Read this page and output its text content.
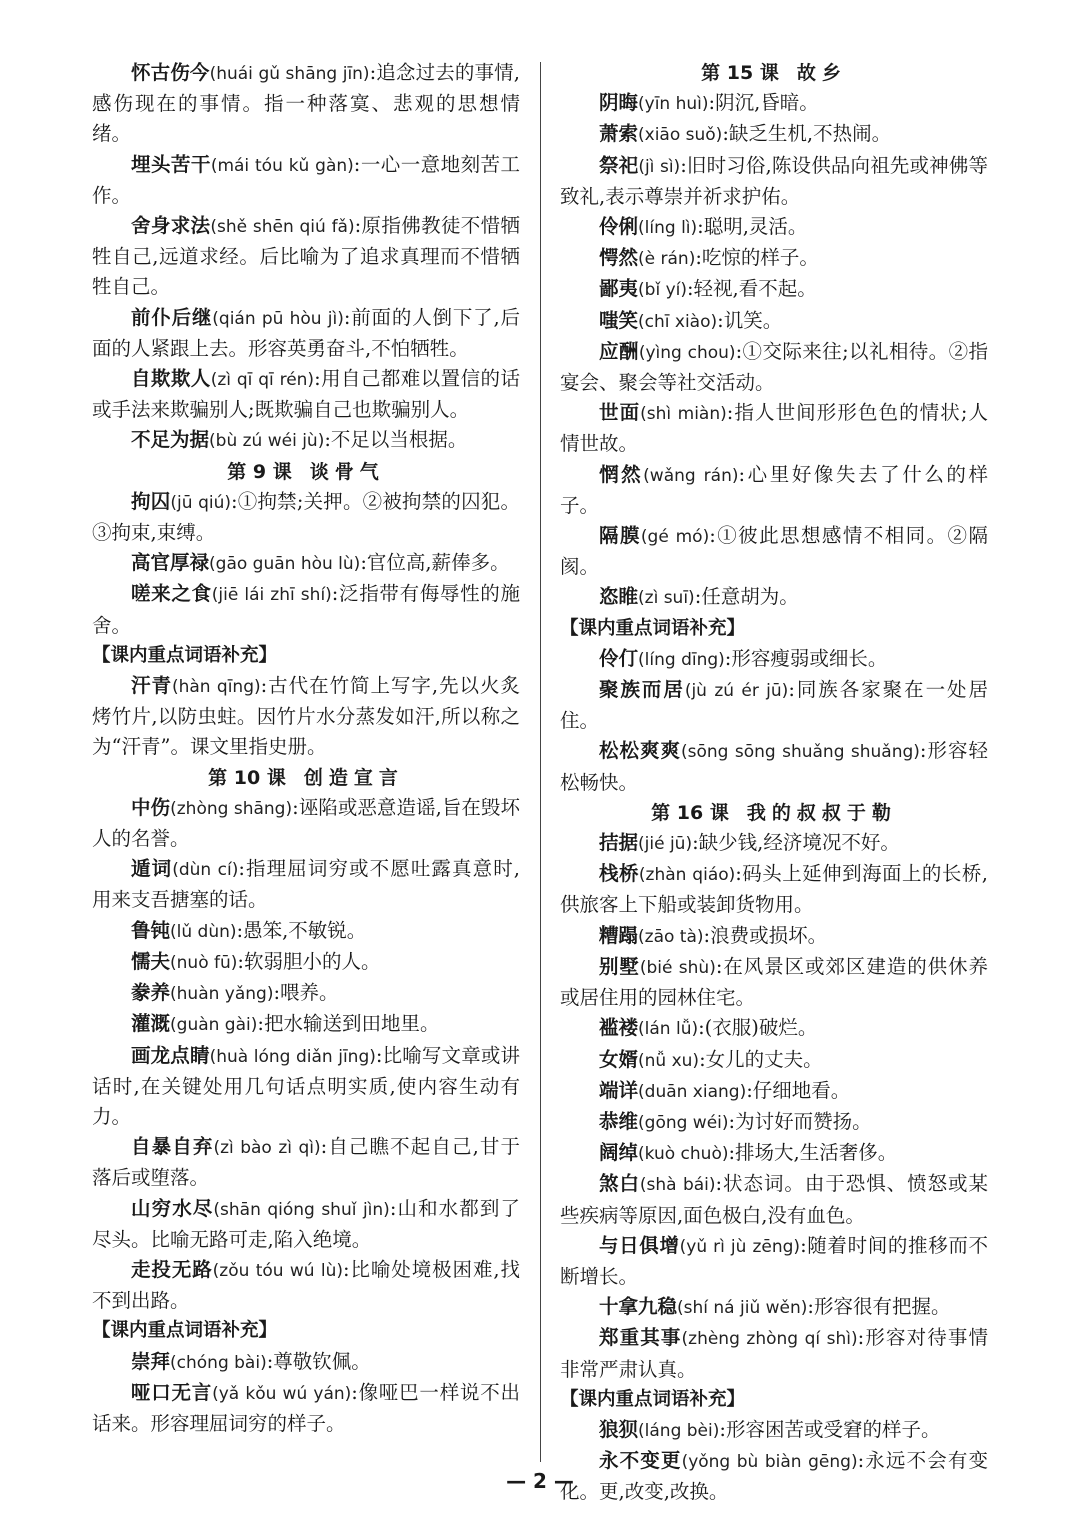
怀古伤今(huái gǔ shāng jīn):追念过去的事情,感伤现在的事情。指一种落寞、悲观的思想情绪。

埋头苦干(mái tóu kǔ gàn):一心一意地刻苦工作。

舍身求法(shě shēn qiú fǎ):原指佛教徒不惜牺牲自己,远道求经。后比喻为了追求真理而不惜牺牲自己。

前仆后继(qián pū hòu jì):前面的人倒下了,后面的人紧跟上去。形容英勇奋斗,不怕牺牲。

自欺欺人(zì qī qī rén):用自己都难以置信的话或手法来欺骗别人;既欺骗自己也欺骗别人。

不足为据(bù zú wéi jù):不足以当根据。

第 9 课 谈骨气

拘囚(jū qiú):①拘禁;关押。②被拘禁的囚犯。③拘束,束缚。

高官厚禄(gāo guān hòu lù):官位高,薪俸多。

嗟来之食(jiē lái zhī shí):泛指带有侮辱性的施舍。

【课内重点词语补充】

汗青(hàn qīng):古代在竹简上写字,先以火炙烤竹片,以防虫蛀。因竹片水分蒸发如汗,所以称之为“汗青”。课文里指史册。

第 10 课 创造宣言

中伤(zhòng shāng):诬陷或恶意造谣,旨在毁坏人的名誉。

遁词(dùn cí):指理屈词穷或不愿吐露真意时,用来支吾搪塞的话。

鲁钝(lǔ dùn):愚笨,不敏锐。

懦夫(nuò fū):软弱胆小的人。

豢养(huàn yǎng):喂养。

灌溉(guàn gài):把水输送到田地里。

画龙点睛(huà lóng diǎn jīng):比喻写文章或讲话时,在关键处用几句话点明实质,使内容生动有力。

自暴自弃(zì bào zì qì):自己瞧不起自己,甘于落后或堕落。

山穷水尽(shān qióng shuǐ jìn):山和水都到了尽头。比喻无路可走,陷入绝境。

走投无路(zǒu tóu wú lù):比喻处境极困难,找不到出路。

【课内重点词语补充】

崇拜(chóng bài):尊敬钦佩。

哑口无言(yǎ kǒu wú yán):像哑巴一样说不出话来。形容理屈词穷的样子。

第 15 课 故乡

阴晦(yīn huì):阴沉,昏暗。

萧索(xiāo suǒ):缺乏生机,不热闹。

祭祀(jì sì):旧时习俗,陈设供品向祖先或神佛等致礼,表示尊崇并祈求护佑。

伶俐(líng lì):聪明,灵活。

愕然(è rán):吃惊的样子。

鄙夷(bǐ yí):轻视,看不起。

嗤笑(chī xiào):讥笑。

应酬(yìng chou):①交际来往;以礼相待。②指宴会、聚会等社交活动。

世面(shì miàn):指人世间形形色色的情状;人情世故。

惘然(wǎng rán):心里好像失去了什么的样子。

隔膜(gé mó):①彼此思想感情不相同。②隔阂。

恣睢(zì suī):任意胡为。

【课内重点词语补充】

伶仃(líng dīng):形容瘦弱或细长。

聚族而居(jù zú ér jū):同族各家聚在一处居住。

松松爽爽(sōng sōng shuǎng shuǎng):形容轻松畅快。

第 16 课 我的叔叔于勒

拮据(jié jū):缺少钱,经济境况不好。

栈桥(zhàn qiáo):码头上延伸到海面上的长桥,供旅客上下船或装卸货物用。

糟蹋(zāo tà):浪费或损坏。

别墅(bié shù):在风景区或郊区建造的供休养或居住用的园林住宅。

褴褛(lán lǚ):(衣服)破烂。

女婿(nǚ xu):女儿的丈夫。

端详(duān xiang):仔细地看。

恭维(gōng wéi):为讨好而赞扬。

阔绰(kuò chuò):排场大,生活奢侈。

煞白(shà bái):状态词。由于恐惧、愤怒或某些疾病等原因,面色极白,没有血色。

与日俱增(yǔ rì jù zēng):随着时间的推移而不断增长。

十拿九稳(shí ná jiǔ wěn):形容很有把握。

郑重其事(zhèng zhòng qí shì):形容对待事情非常严肃认真。

【课内重点词语补充】

狼狈(láng bèi):形容困苦或受窘的样子。

永不变更(yǒng bù biàn gēng):永远不会有变化。更,改变,改换。

— 2 —
